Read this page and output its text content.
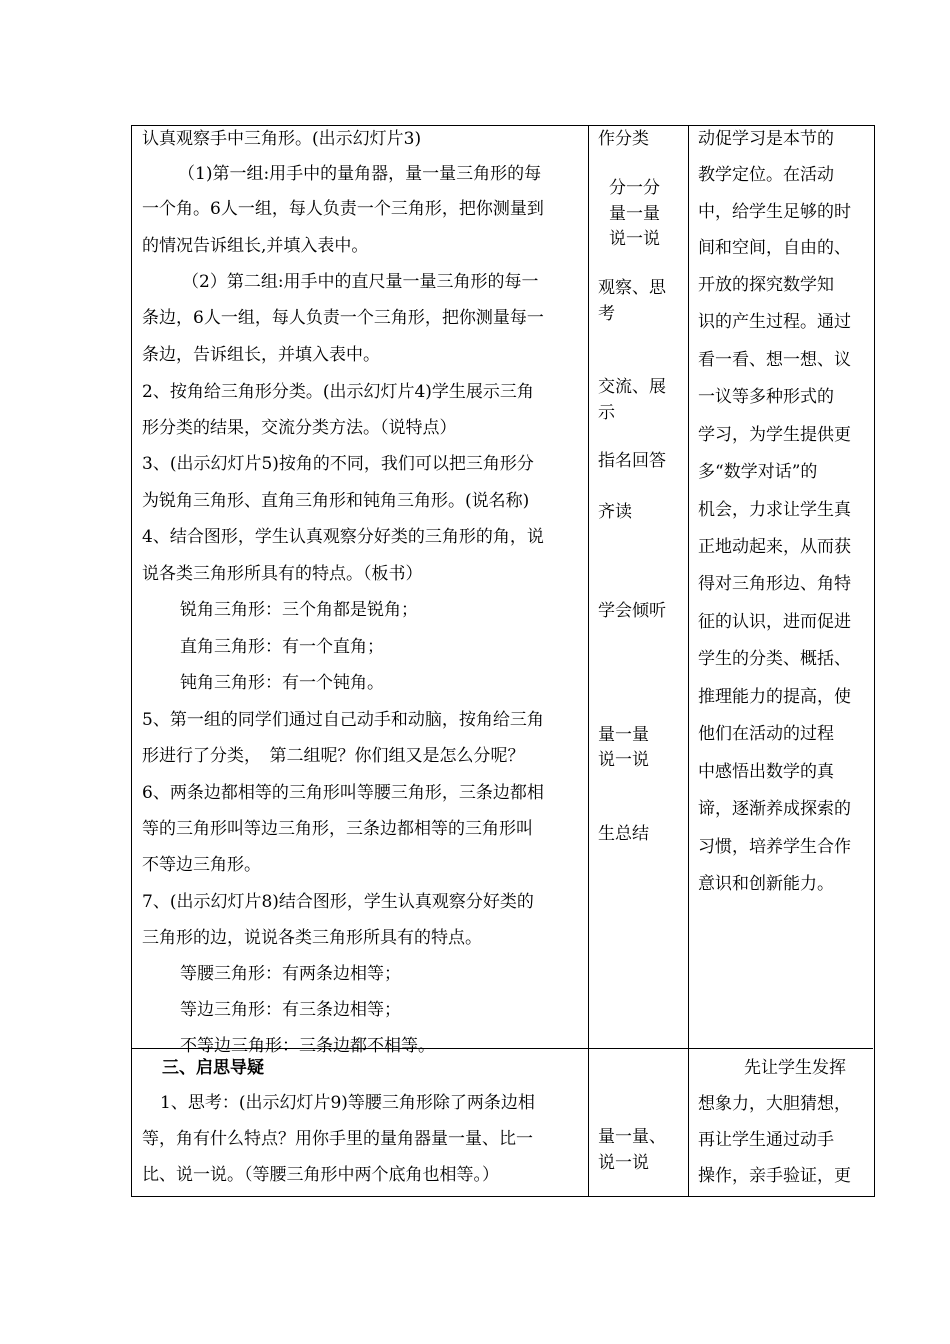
认真观察手中三角形。(出示幻灯片3)
（1)第一组:用手中的量角器，量一量三角形的每
一个角。6人一组，每人负责一个三角形，把你测量到
的情况告诉组长,并填入表中。
（2）第二组:用手中的直尺量一量三角形的每一
条边，6人一组，每人负责一个三角形，把你测量每一
条边，告诉组长，并填入表中。
2、按角给三角形分类。(出示幻灯片4)学生展示三角
形分类的结果，交流分类方法。（说特点）
3、(出示幻灯片5)按角的不同，我们可以把三角形分
为锐角三角形、直角三角形和钝角三角形。(说名称)
4、结合图形，学生认真观察分好类的三角形的角，说
说各类三角形所具有的特点。（板书）
锐角三角形：三个角都是锐角；
直角三角形：有一个直角；
钝角三角形：有一个钝角。
5、第一组的同学们通过自己动手和动脑，按角给三角
形进行了分类，　第二组呢？你们组又是怎么分呢？
6、两条边都相等的三角形叫等腰三角形，三条边都相
等的三角形叫等边三角形，三条边都相等的三角形叫
不等边三角形。
7、(出示幻灯片8)结合图形，学生认真观察分好类的
三角形的边，说说各类三角形所具有的特点。
等腰三角形：有两条边相等；
等边三角形：有三条边相等；
不等边三角形：三条边都不相等。
作分类
分一分
量一量
说一说
观察、思
考
交流、展
示
指名回答
齐读
学会倾听
量一量
说一说
生总结
动促学习是本节的
教学定位。在活动
中，给学生足够的时
间和空间，自由的、
开放的探究数学知
识的产生过程。通过
看一看、想一想、议
一议等多种形式的
学习，为学生提供更
多“数学对话”的
机会，力求让学生真
正地动起来，从而获
得对三角形边、角特
征的认识，进而促进
学生的分类、概括、
推理能力的提高，使
他们在活动的过程
中感悟出数学的真
谛，逐渐养成探索的
习惯，培养学生合作
意识和创新能力。
三、启思导疑
1、思考：(出示幻灯片9)等腰三角形除了两条边相
等，角有什么特点？用你手里的量角器量一量、比一
比、说一说。（等腰三角形中两个底角也相等。）
量一量、
说一说
先让学生发挥
想象力，大胆猜想，
再让学生通过动手
操作，亲手验证，更
